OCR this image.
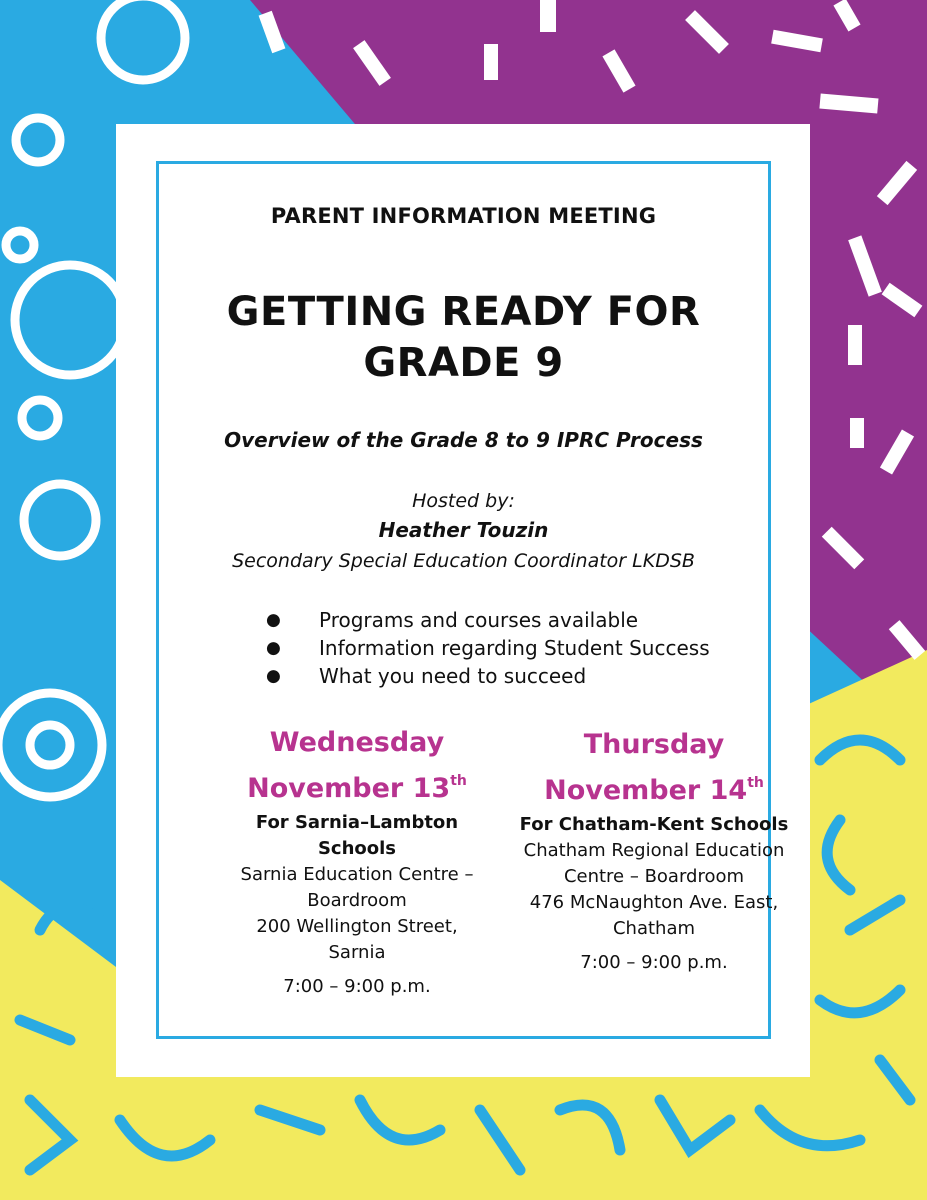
PARENT INFORMATION MEETING
GETTING READY FOR
GRADE 9
Overview of the Grade 8 to 9 IPRC Process
Hosted by:
Heather Touzin
Secondary Special Education Coordinator LKDSB
●	Programs and courses available
●	Information regarding Student Success
●	What you need to succeed
Wednesday
November 13th
For Sarnia–Lambton
Schools
Sarnia Education Centre –
Boardroom
200 Wellington Street,
Sarnia
7:00 – 9:00 p.m.
Thursday
November 14th
For Chatham-Kent Schools
Chatham Regional Education
Centre – Boardroom
476 McNaughton Ave. East,
Chatham
7:00 – 9:00 p.m.
